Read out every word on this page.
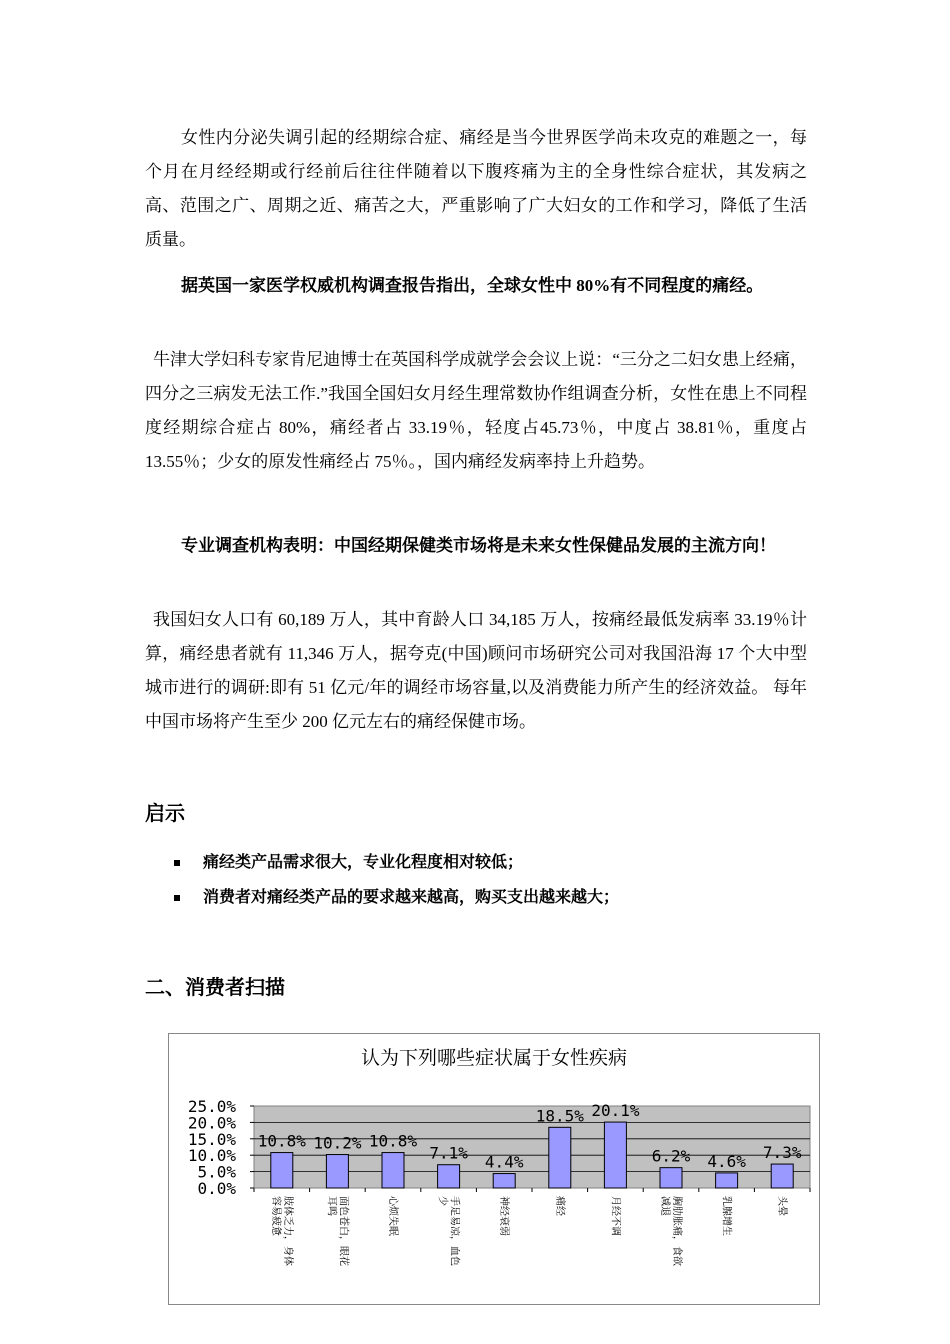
女性内分泌失调引起的经期综合症、痛经是当今世界医学尚未攻克的难题之一，每个月在月经经期或行经前后往往伴随着以下腹疼痛为主的全身性综合症状，其发病之高、范围之广、周期之近、痛苦之大，严重影响了广大妇女的工作和学习，降低了生活质量。

据英国一家医学权威机构调查报告指出，全球女性中 80%有不同程度的痛经。

牛津大学妇科专家肯尼迪博士在英国科学成就学会会议上说：“三分之二妇女患上经痛，四分之三病发无法工作.”我国全国妇女月经生理常数协作组调查分析，女性在患上不同程度经期综合症占 80%，痛经者占 33.19％，轻度占45.73％，中度占 38.81％，重度占 13.55％；少女的原发性痛经占 75％。，国内痛经发病率持上升趋势。

专业调查机构表明：中国经期保健类市场将是未来女性保健品发展的主流方向！

我国妇女人口有 60,189 万人，其中育龄人口 34,185 万人，按痛经最低发病率 33.19％计算，痛经患者就有 11,346 万人，据夸克(中国)顾问市场研究公司对我国沿海 17 个大中型城市进行的调研:即有 51 亿元/年的调经市场容量,以及消费能力所产生的经济效益。 每年中国市场将产生至少 200 亿元左右的痛经保健市场。

启示
痛经类产品需求很大，专业化程度相对较低；
消费者对痛经类产品的要求越来越高，购买支出越来越大；
二、消费者扫描
认为下列哪些症状属于女性疾病
0.0%
5.0%
10.0%
15.0%
20.0%
25.0%
10.8%
肢体乏力，身体容易疲惫
10.2%
面色苍白，眼花耳鸣
10.8%
心烦失眠
7.1%
手足易凉，血色少
4.4%
神经衰弱
18.5%
痛经
20.1%
月经不调
6.2%
胸肋胀痛，食欲减退
4.6%
乳腺增生
7.3%
头晕
